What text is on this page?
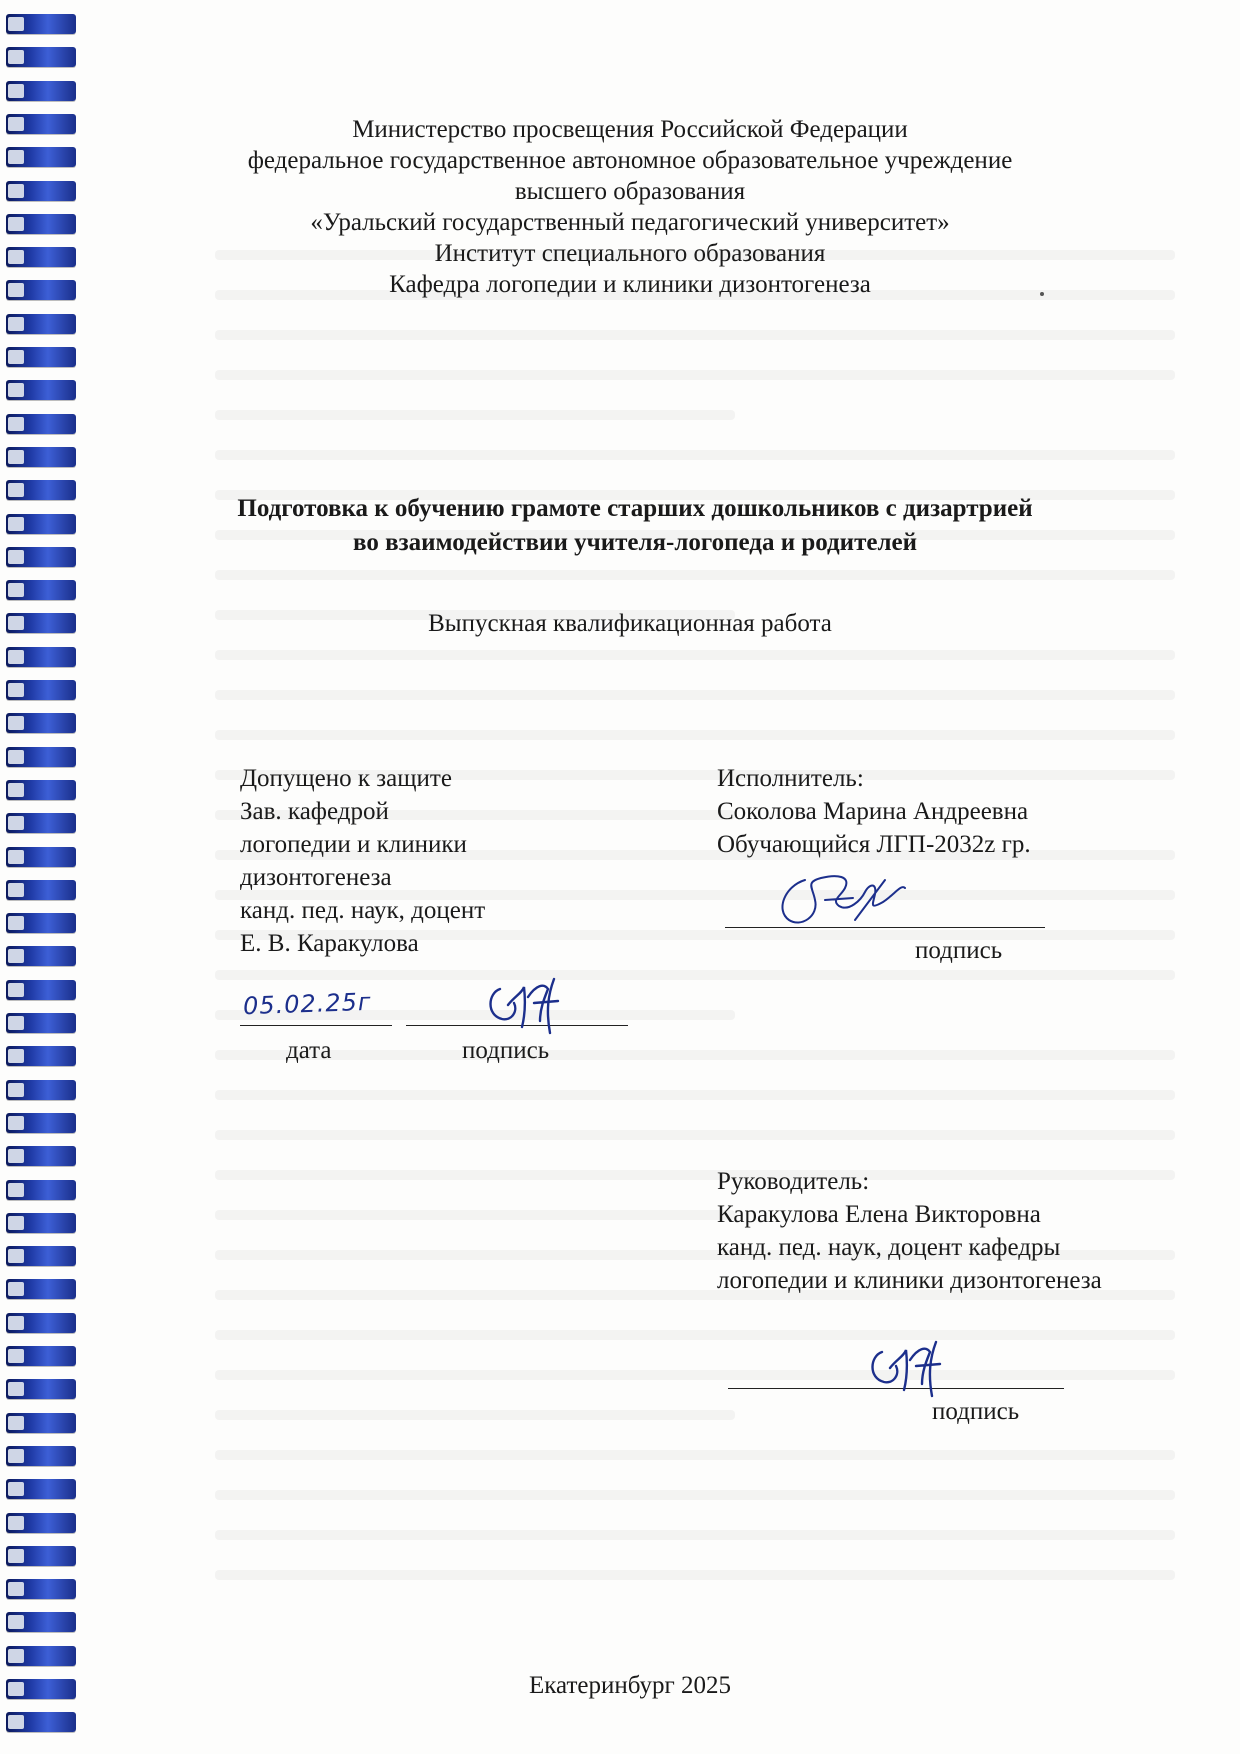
Министерство просвещения Российской Федерации
федеральное государственное автономное образовательное учреждение
высшего образования
«Уральский государственный педагогический университет»
Институт специального образования
Кафедра логопедии и клиники дизонтогенеза
Подготовка к обучению грамоте старших дошкольников с дизартрией
во взаимодействии учителя-логопеда и родителей
Выпускная квалификационная работа
Допущено к защите
Зав. кафедрой
логопедии и клиники
дизонтогенеза
канд. пед. наук, доцент
Е. В. Каракулова
05.02.25г
дата	подпись
Исполнитель:
Соколова Марина Андреевна
Обучающийся ЛГП-2032z гр.
подпись
Руководитель:
Каракулова Елена Викторовна
канд. пед. наук, доцент кафедры
логопедии и клиники дизонтогенеза
подпись
Екатеринбург 2025
